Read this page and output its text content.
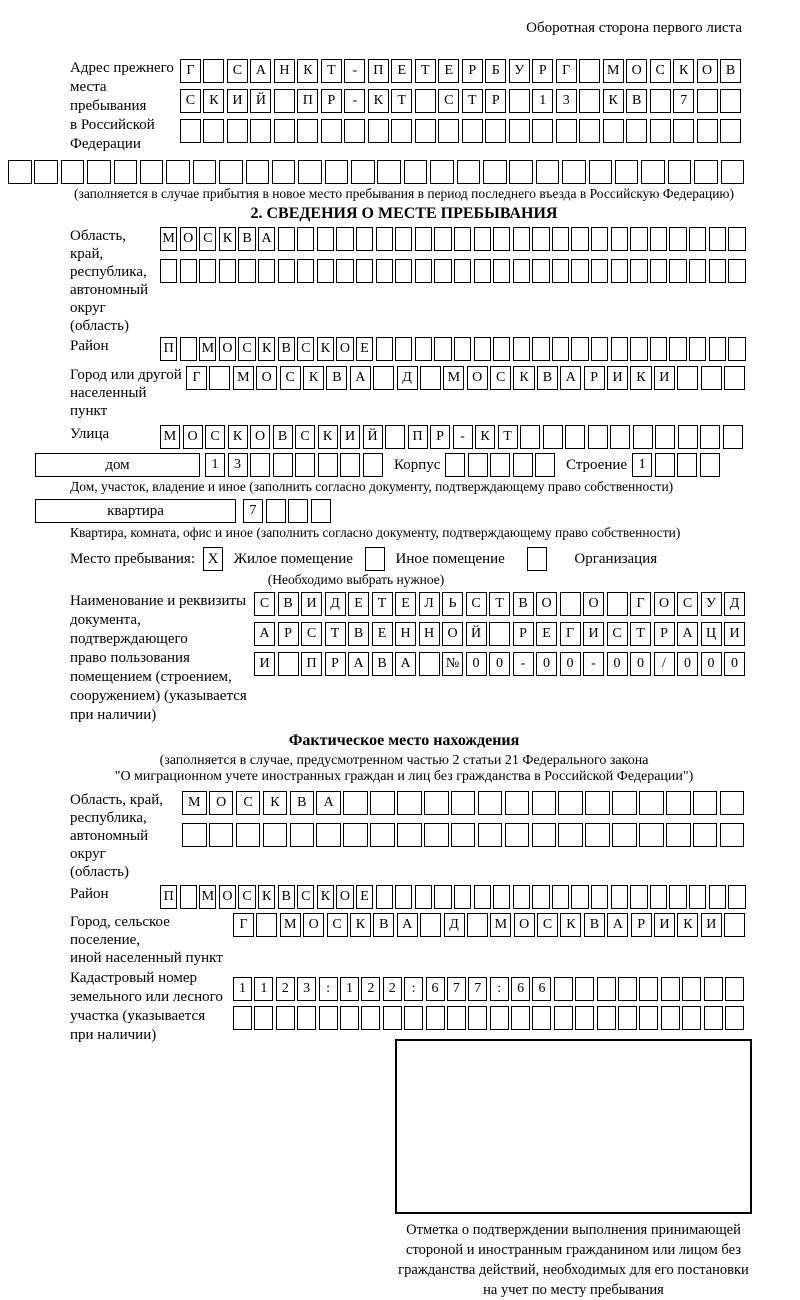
Оборотная сторона первого листа
Адрес прежнего
места пребывания
в Российской
Федерации
Г	С А Н К	Т	-	П	Е	Т	Е	Р	Б	У	Р	Г	М О С	К О В
С	К И Й	П	Р	-	К	Т	С	Т	Р	1	3	К	В	7
(заполняется в случае прибытия в новое место пребывания в период последнего въезда в Российскую Федерацию)
2. СВЕДЕНИЯ О МЕСТЕ ПРЕБЫВАНИЯ
Область, край,
республика,
автономный
округ (область)
М О С К В А
Район	П М О С К В С К О Е
Город или другой
населенный пункт
Г	М О С	К	В А	Д	М О С	К	В А	Р	И К И
Улица	М О С К О В С К И Й	П Р	-	К Т
дом	1	3	Корпус	Строение 1
Дом, участок, владение и иное (заполнить согласно документу, подтверждающему право собственности)
квартира	7
Квартира, комната, офис и иное (заполнить согласно документу, подтверждающему право собственности)
Место пребывания: X	Жилое помещение	Иное помещение	Организация
(Необходимо выбрать нужное)
Наименование и реквизиты
документа, подтверждающего
право пользования
помещением (строением,
сооружением) (указывается
при наличии)
С	В И Д	Е	Т	Е	Л	Ь	С	Т	В О	О	Г	О С У Д
А	Р	С	Т	В	Е	Н Н О Й	Р	Е	Г	И С	Т	Р	А Ц И
И	П	Р	А В А	№ 0	0	-	0	0	-	0	0	/	0	0	0
Фактическое место нахождения
(заполняется в случае, предусмотренном частью 2 статьи 21 Федерального закона
"О миграционном учете иностранных граждан и лиц без гражданства в Российской Федерации")
Область, край,
республика,
автономный округ
(область)
М	О	С	К	В	А
Район	П М О С К В С К О Е
Город, сельское поселение,
иной населенный пункт
Г	М О С	К	В А	Д	М О С	К	В А	Р	И К И
Кадастровый номер
земельного или лесного
участка (указывается
при наличии)
1	1	2	3	:	1	2	2	:	6	7	7	:	6	6
Отметка о подтверждении выполнения принимающей
стороной и иностранным гражданином или лицом без
гражданства действий, необходимых для его постановки
на учет по месту пребывания
